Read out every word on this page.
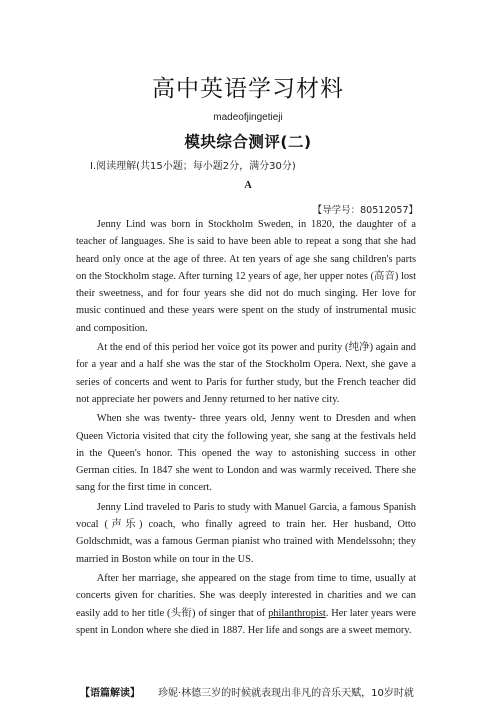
高中英语学习材料
madeofjingetieji
模块综合测评(二)
Ⅰ.阅读理解(共15小题；每小题2分，满分30分)
A
【导学号：80512057】

Jenny Lind was born in Stockholm Sweden, in 1820, the daughter of a teacher of languages. She is said to have been able to repeat a song that she had heard only once at the age of three. At ten years of age she sang children's parts on the Stockholm stage. After turning 12 years of age, her upper notes (高音) lost their sweetness, and for four years she did not do much singing. Her love for music continued and these years were spent on the study of instrumental music and composition.

At the end of this period her voice got its power and purity (纯净) again and for a year and a half she was the star of the Stockholm Opera. Next, she gave a series of concerts and went to Paris for further study, but the French teacher did not appreciate her powers and Jenny returned to her native city.

When she was twenty- three years old, Jenny went to Dresden and when Queen Victoria visited that city the following year, she sang at the festivals held in the Queen's honor. This opened the way to astonishing success in other German cities. In 1847 she went to London and was warmly received. There she sang for the first time in concert.

Jenny Lind traveled to Paris to study with Manuel Garcia, a famous Spanish vocal (声乐) coach, who finally agreed to train her. Her husband, Otto Goldschmidt, was a famous German pianist who trained with Mendelssohn; they married in Boston while on tour in the US.

After her marriage, she appeared on the stage from time to time, usually at concerts given for charities. She was deeply interested in charities and we can easily add to her title (头衔) of singer that of philanthropist. Her later years were spent in London where she died in 1887. Her life and songs are a sweet memory.

【语篇解读】 珍妮·林德三岁的时候就表现出非凡的音乐天赋，10岁时就
